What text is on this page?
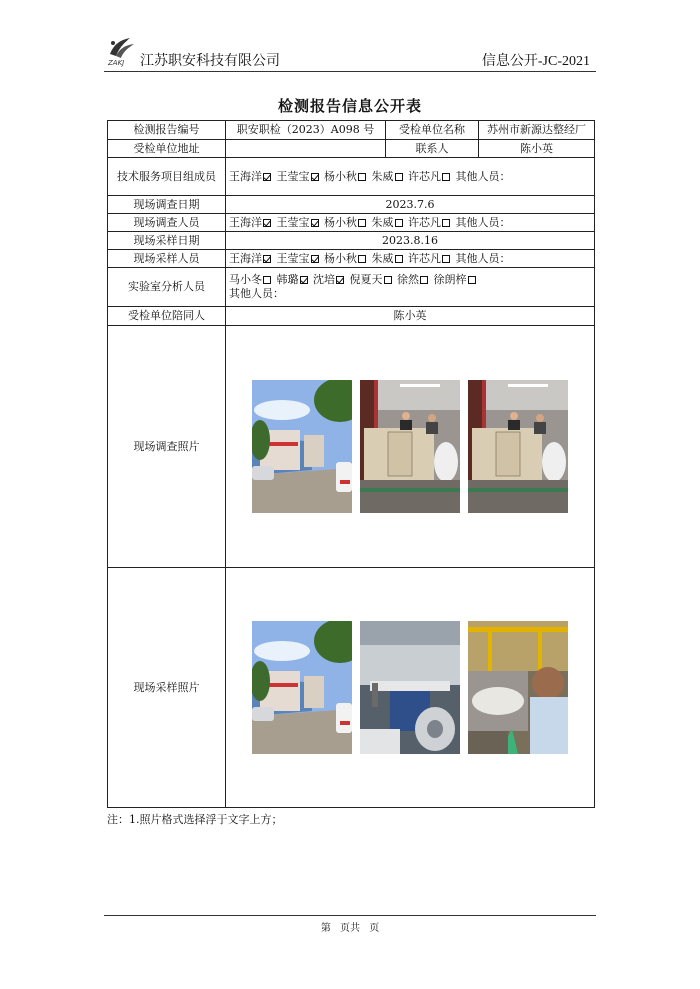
ZAKJ 江苏职安科技有限公司	信息公开-JC-2021
检测报告信息公开表
检测报告编号	职安职检（2023）A098 号	受检单位名称	苏州市新源达整经厂
受检单位地址		联系人	陈小英
技术服务项目组成员	王海洋 王莹宝 杨小秋 朱威 许芯凡 其他人员：		
现场调查日期	2023.7.6		
现场调查人员	王海洋 王莹宝 杨小秋 朱威 许芯凡 其他人员：		
现场采样日期	2023.8.16		
现场采样人员	王海洋 王莹宝 杨小秋 朱威 许芯凡 其他人员：		
实验室分析人员	马小冬 韩璐 沈培 倪夏天 徐然 徐朗梓
其他人员：		

受检单位陪同人	陈小英		
现场调查照片	

现场采样照片	
注：1.照片格式选择浮于文字上方；
第 页共 页
